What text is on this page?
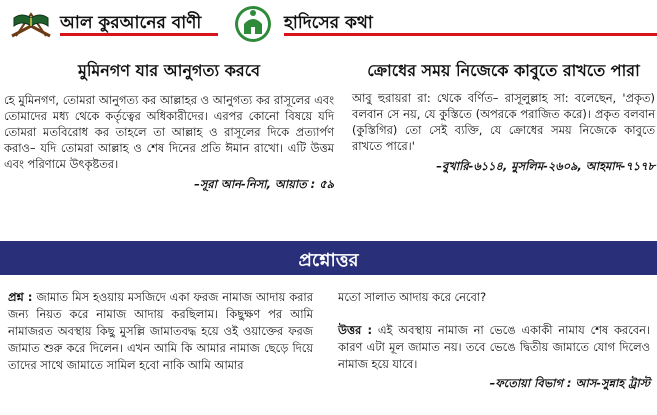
আল কুরআনের বাণী	হাদিসের কথা
মুমিনগণ যার আনুগত্য করবে
হে মুমিনগণ, তোমরা আনুগত্য কর আল্লাহর ও আনুগত্য কর রাসূলের এবং তোমাদের মধ্য থেকে কর্তৃত্বের অধিকারীদের। এরপর কোনো বিষয়ে যদি তোমরা মতবিরোধ কর তাহলে তা আল্লাহ ও রাসূলের দিকে প্রত্যার্পণ করাও– যদি তোমরা আল্লাহ ও শেষ দিনের প্রতি ঈমান রাখো। এটি উত্তম এবং পরিণামে উৎকৃষ্টতর।
–সূরা আন-নিসা, আয়াত : ৫৯
ক্রোধের সময় নিজেকে কাবুতে রাখতে পারা
আবু হুরায়রা রা: থেকে বর্ণিত– রাসূলুল্লাহ সা: বলেছেন, 'প্রকৃত) বলবান সে নয়, যে কুস্তিতে (অপরকে পরাজিত করে)। প্রকৃত বলবান (কুস্তিগির) তো সেই ব্যক্তি, যে ক্রোধের সময় নিজেকে কাবুতে রাখতে পারে।'
–বুখারি-৬১১৪, মুসলিম-২৬০৯, আহমাদ-৭১৭৮
প্রশ্নোত্তর
প্রশ্ন : জামাত মিস হওয়ায় মসজিদে একা ফরজ নামাজ আদায় করার জন্য নিয়ত করে নামাজ আদায় করছিলাম। কিছুক্ষণ পর আমি নামাজরত অবস্থায় কিছু মুসল্লি জামাতবদ্ধ হয়ে ওই ওয়াক্তের ফরজ জামাত শুরু করে দিলেন। এখন আমি কি আমার নামাজ ছেড়ে দিয়ে তাদের সাথে জামাতে সামিল হবো নাকি আমি আমার
মতো সালাত আদায় করে নেবো?
উত্তর : এই অবস্থায় নামাজ না ভেঙে একাকী নামায শেষ করবেন। কারণ এটা মূল জামাত নয়। তবে ভেঙে দ্বিতীয় জামাতে যোগ দিলেও নামাজ হয়ে যাবে।
–ফতোয়া বিভাগ : আস-সুন্নাহ ট্রাস্ট
